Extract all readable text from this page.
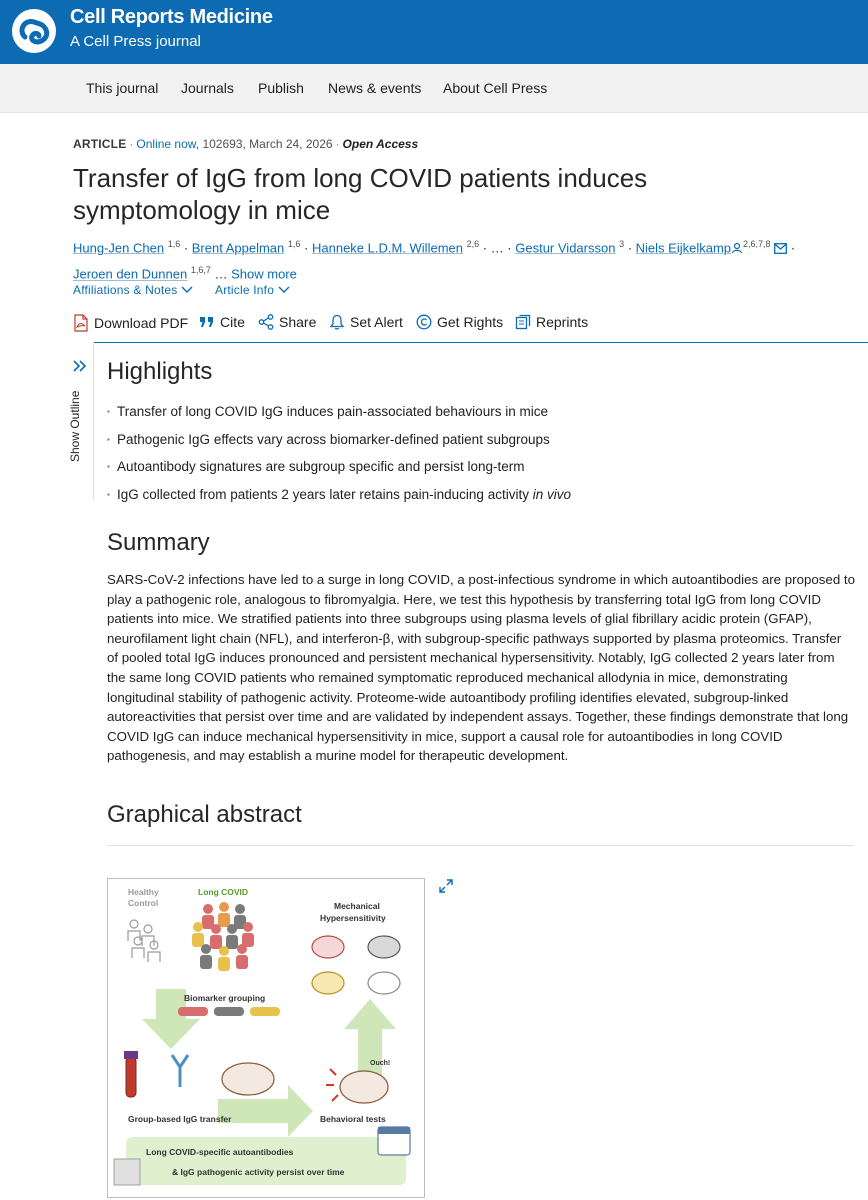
Cell Reports Medicine
A Cell Press journal
This journal Journals Publish News & events About Cell Press
ARTICLE · Online now, 102693, March 24, 2026 · Open Access
Transfer of IgG from long COVID patients induces symptomology in mice
Hung-Jen Chen $^{1,6}$ · Brent Appelman $^{1,6}$ · Hanneke L.D.M. Willemen $^{2,6}$ · … · Gestur Vidarsson $^3$ · Niels Eijkelkamp $^{2,6,7,8}$  ·
Jeroen den Dunnen $^{1,6,7}$ … Show more
Affiliations & Notes	Article Info
Download PDF Cite Share Set Alert Get Rights Reprints
Show Outline
Highlights
▪ Transfer of long COVID IgG induces pain-associated behaviours in mice
▪ Pathogenic IgG effects vary across biomarker-defined patient subgroups
▪ Autoantibody signatures are subgroup specific and persist long-term
▪ IgG collected from patients 2 years later retains pain-inducing activity in vivo
Summary

SARS-CoV-2 infections have led to a surge in long COVID, a post-infectious syndrome in which autoantibodies are proposed to play a pathogenic role, analogous to fibromyalgia. Here, we test this hypothesis by transferring total IgG from long COVID patients into mice. We stratified patients into three subgroups using plasma levels of glial fibrillary acidic protein (GFAP), neurofilament light chain (NFL), and interferon-β, with subgroup-specific pathways supported by plasma proteomics. Transfer of pooled total IgG induces pronounced and persistent mechanical hypersensitivity. Notably, IgG collected 2 years later from the same long COVID patients who remained symptomatic reproduced mechanical allodynia in mice, demonstrating longitudinal stability of pathogenic activity. Proteome-wide autoantibody profiling identifies elevated, subgroup-linked autoreactivities that persist over time and are validated by independent assays. Together, these findings demonstrate that long COVID IgG can induce mechanical hypersensitivity in mice, support a causal role for autoantibodies in long COVID pathogenesis, and may establish a murine model for therapeutic development.

Graphical abstract
Healthy
Control
Long COVID
Mechanical
Hypersensitivity
Biomarker grouping
Group-based IgG transfer	Behavioral tests
Ouch!
Long COVID-specific autoantibodies
& IgG pathogenic activity persist over time
